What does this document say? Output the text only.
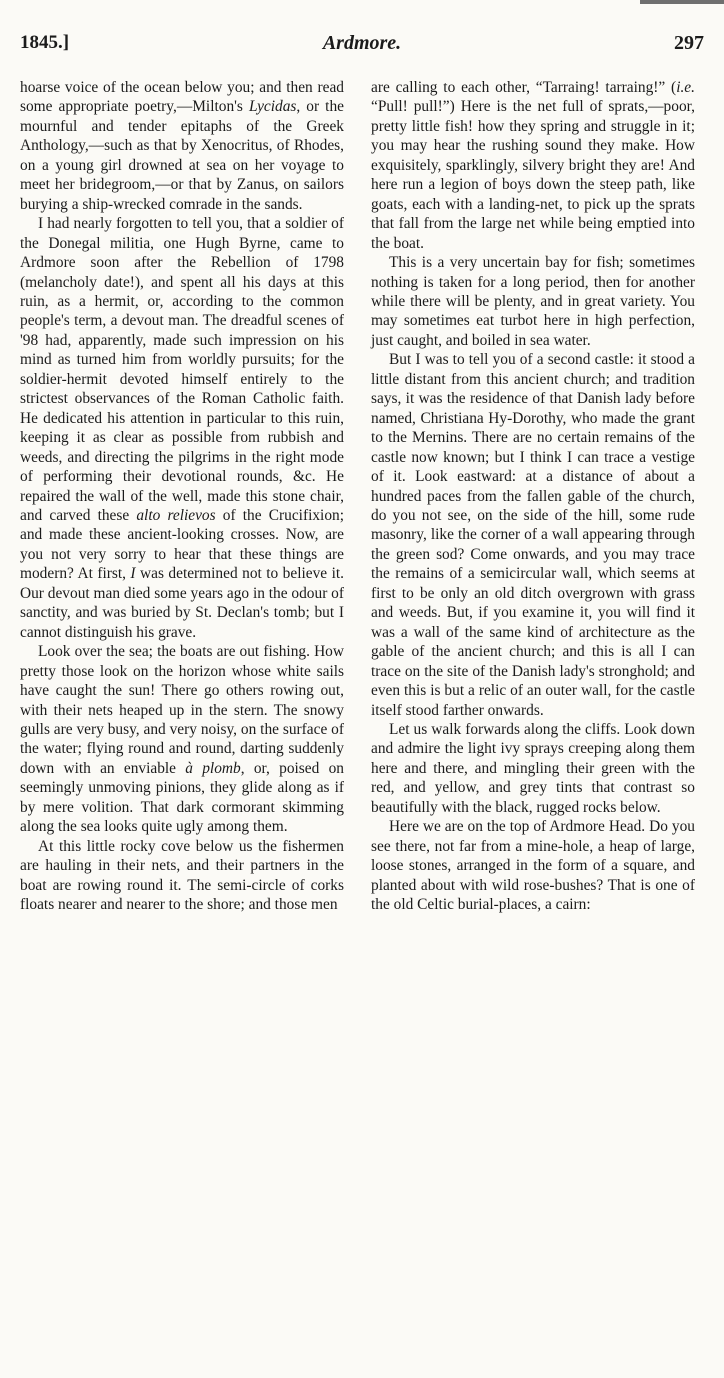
1845.]	Ardmore.	297

hoarse voice of the ocean below you; and then read some appropriate poetry,—Milton's Lycidas, or the mournful and tender epitaphs of the Greek Anthology,—such as that by Xenocritus, of Rhodes, on a young girl drowned at sea on her voyage to meet her bridegroom,—or that by Zanus, on sailors burying a ship-wrecked comrade in the sands.

I had nearly forgotten to tell you, that a soldier of the Donegal militia, one Hugh Byrne, came to Ardmore soon after the Rebellion of 1798 (melancholy date!), and spent all his days at this ruin, as a hermit, or, according to the common people's term, a devout man. The dreadful scenes of '98 had, apparently, made such impression on his mind as turned him from worldly pursuits; for the soldier-hermit devoted himself entirely to the strictest observances of the Roman Catholic faith. He dedicated his attention in particular to this ruin, keeping it as clear as possible from rubbish and weeds, and directing the pilgrims in the right mode of performing their devotional rounds, &c. He repaired the wall of the well, made this stone chair, and carved these alto relievos of the Crucifixion; and made these ancient-looking crosses. Now, are you not very sorry to hear that these things are modern? At first, I was determined not to believe it. Our devout man died some years ago in the odour of sanctity, and was buried by St. Declan's tomb; but I cannot distinguish his grave.

Look over the sea; the boats are out fishing. How pretty those look on the horizon whose white sails have caught the sun! There go others rowing out, with their nets heaped up in the stern. The snowy gulls are very busy, and very noisy, on the surface of the water; flying round and round, darting suddenly down with an enviable à plomb, or, poised on seemingly unmoving pinions, they glide along as if by mere volition. That dark cormorant skimming along the sea looks quite ugly among them.

At this little rocky cove below us the fishermen are hauling in their nets, and their partners in the boat are rowing round it. The semi-circle of corks floats nearer and nearer to the shore; and those men

are calling to each other, “Tarraing! tarraing!” (i.e. “Pull! pull!”) Here is the net full of sprats,—poor, pretty little fish! how they spring and struggle in it; you may hear the rushing sound they make. How exquisitely, sparklingly, silvery bright they are! And here run a legion of boys down the steep path, like goats, each with a landing-net, to pick up the sprats that fall from the large net while being emptied into the boat.

This is a very uncertain bay for fish; sometimes nothing is taken for a long period, then for another while there will be plenty, and in great variety. You may sometimes eat turbot here in high perfection, just caught, and boiled in sea water.

But I was to tell you of a second castle: it stood a little distant from this ancient church; and tradition says, it was the residence of that Danish lady before named, Christiana Hy-Dorothy, who made the grant to the Mernins. There are no certain remains of the castle now known; but I think I can trace a vestige of it. Look eastward: at a distance of about a hundred paces from the fallen gable of the church, do you not see, on the side of the hill, some rude masonry, like the corner of a wall appearing through the green sod? Come onwards, and you may trace the remains of a semicircular wall, which seems at first to be only an old ditch overgrown with grass and weeds. But, if you examine it, you will find it was a wall of the same kind of architecture as the gable of the ancient church; and this is all I can trace on the site of the Danish lady's stronghold; and even this is but a relic of an outer wall, for the castle itself stood farther onwards.

Let us walk forwards along the cliffs. Look down and admire the light ivy sprays creeping along them here and there, and mingling their green with the red, and yellow, and grey tints that contrast so beautifully with the black, rugged rocks below.

Here we are on the top of Ardmore Head. Do you see there, not far from a mine-hole, a heap of large, loose stones, arranged in the form of a square, and planted about with wild rose-bushes? That is one of the old Celtic burial-places, a cairn:
